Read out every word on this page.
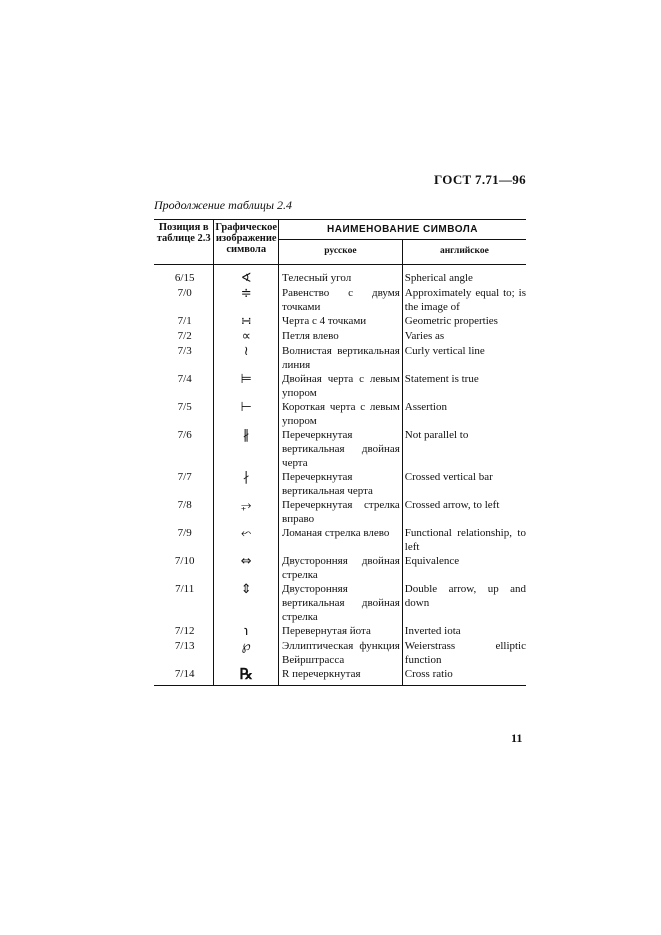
ГОСТ 7.71—96
Продолжение таблицы 2.4
Позиция в таблице 2.3	Графическое изображение символа	НАИМЕНОВАНИЕ СИМВОЛА	
		русское	английское
6/15	∢	Телесный угол	Spherical angle
7/0	≑	Равенство с двумя точками	Approximately equal to; is the image of
7/1	∺	Черта с 4 точками	Geometric properties
7/2	∝	Петля влево	Varies as
7/3	≀	Волнистая вертикальная линия	Curly vertical line
7/4	⊨	Двойная черта с левым упором	Statement is true
7/5	⊢	Короткая черта с левым упором	Assertion
7/6	∦	Перечеркнутая вертикальная двойная черта	Not parallel to
7/7	∤	Перечеркнутая вертикальная черта	Crossed vertical bar
7/8	⥅	Перечеркнутая стрелка вправо	Crossed arrow, to left
7/9	⬿	Ломаная стрелка влево	Functional relationship, to left
7/10	⇔	Двусторонняя двойная стрелка	Equivalence
7/11	⇕	Двусторонняя вертикальная двойная стрелка	Double arrow, up and down
7/12	℩	Перевернутая йота	Inverted iota
7/13	℘	Эллиптическая функция Вейрштрасса	Weierstrass elliptic function
7/14	℞	R перечеркнутая	Cross ratio
11
